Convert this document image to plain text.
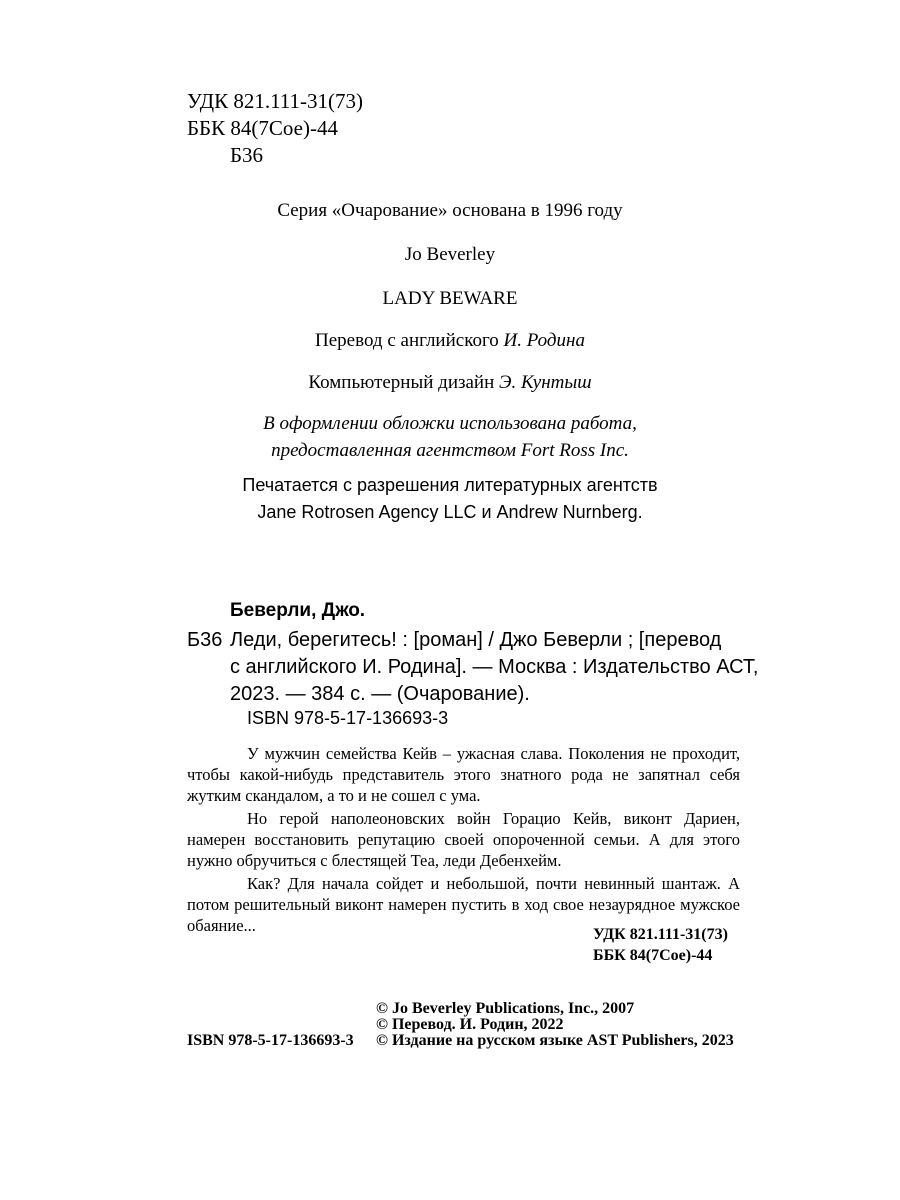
УДК 821.111-31(73)
ББК 84(7Сое)-44
Б36
Серия «Очарование» основана в 1996 году
Jo Beverley
LADY BEWARE
Перевод с английского И. Родина
Компьютерный дизайн Э. Кунтыш
В оформлении обложки использована работа,
предоставленная агентством Fort Ross Inc.
Печатается с разрешения литературных агентств
Jane Rotrosen Agency LLC и Andrew Nurnberg.
Беверли, Джо.
Б36 Леди, берегитесь! : [роман] / Джо Беверли ; [перевод
с английского И. Родина]. — Москва : Издательство АСТ,
2023. — 384 с. — (Очарование).
ISBN 978-5-17-136693-3

У мужчин семейства Кейв – ужасная слава. Поколения не проходит, чтобы какой-нибудь представитель этого знатного рода не запятнал себя жутким скандалом, а то и не сошел с ума.

Но герой наполеоновских войн Горацио Кейв, виконт Дариен, намерен восстановить репутацию своей опороченной семьи. А для этого нужно обручиться с блестящей Теа, леди Дебенхейм.

Как? Для начала сойдет и небольшой, почти невинный шантаж. А потом решительный виконт намерен пустить в ход свое незаурядное мужское обаяние...	УДК 821.111-31(73)
ББК 84(7Сое)-44
ISBN 978-5-17-136693-3
© Jo Beverley Publications, Inc., 2007
© Перевод. И. Родин, 2022
© Издание на русском языке AST Publishers, 2023
